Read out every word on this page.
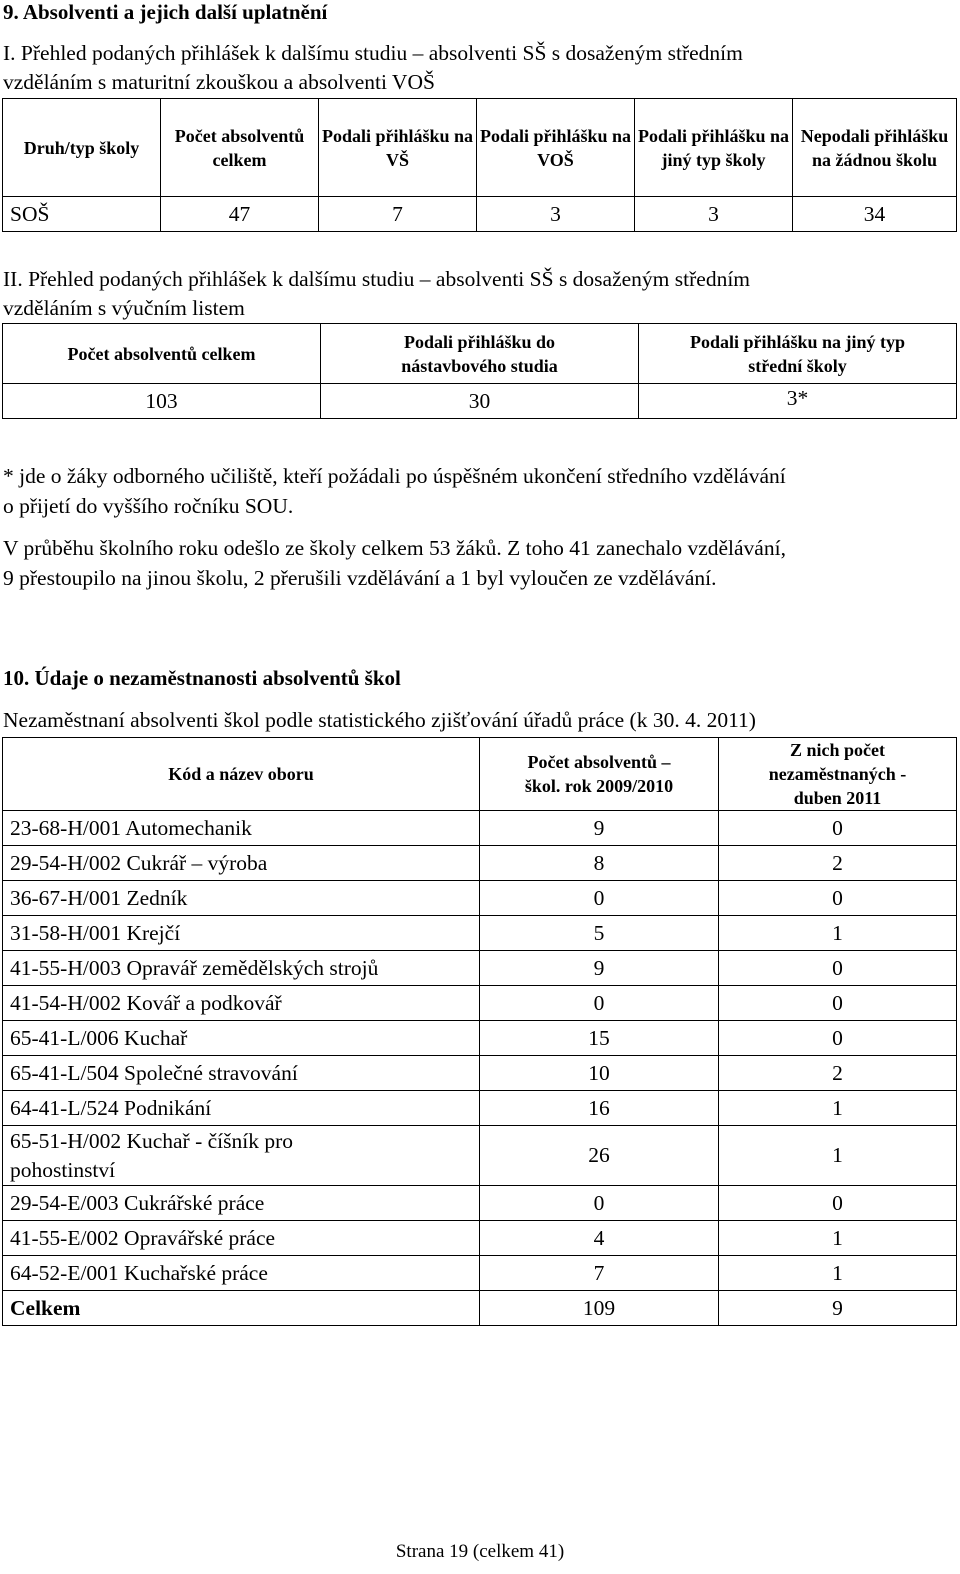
9. Absolventi a jejich další uplatnění
I. Přehled podaných přihlášek k dalšímu studiu – absolventi SŠ s dosaženým středním
vzděláním s maturitní zkouškou a absolventi VOŠ
Druh/typ školy	Počet absolventů celkem	Podali přihlášku na VŠ	Podali přihlášku na VOŠ	Podali přihlášku na jiný typ školy	Nepodali přihlášku na žádnou školu
SOŠ	47	7	3	3	34
II. Přehled podaných přihlášek k dalšímu studiu – absolventi SŠ s dosaženým středním
vzděláním s výučním listem
Počet absolventů celkem	Podali přihlášku do nástavbového studia	Podali přihlášku na jiný typ střední školy
103	30	3*
* jde o žáky odborného učiliště, kteří požádali po úspěšném ukončení středního vzdělávání
o přijetí do vyššího ročníku SOU.
V průběhu školního roku odešlo ze školy celkem 53 žáků. Z toho 41 zanechalo vzdělávání,
9 přestoupilo na jinou školu, 2 přerušili vzdělávání a 1 byl vyloučen ze vzdělávání.
10. Údaje o nezaměstnanosti absolventů škol
Nezaměstnaní absolventi škol podle statistického zjišťování úřadů práce (k 30. 4. 2011)
Kód a název oboru	Počet absolventů – škol. rok 2009/2010	Z nich počet nezaměstnaných - duben 2011
23-68-H/001 Automechanik	9	0
29-54-H/002 Cukrář – výroba	8	2
36-67-H/001 Zedník	0	0
31-58-H/001 Krejčí	5	1
41-55-H/003 Opravář zemědělských strojů	9	0
41-54-H/002 Kovář a podkovář	0	0
65-41-L/006 Kuchař	15	0
65-41-L/504 Společné stravování	10	2
64-41-L/524 Podnikání	16	1
65-51-H/002 Kuchař - číšník pro pohostinství	26	1
29-54-E/003 Cukrářské práce	0	0
41-55-E/002 Opravářské práce	4	1
64-52-E/001 Kuchařské práce	7	1
Celkem	109	9
Strana 19 (celkem 41)
